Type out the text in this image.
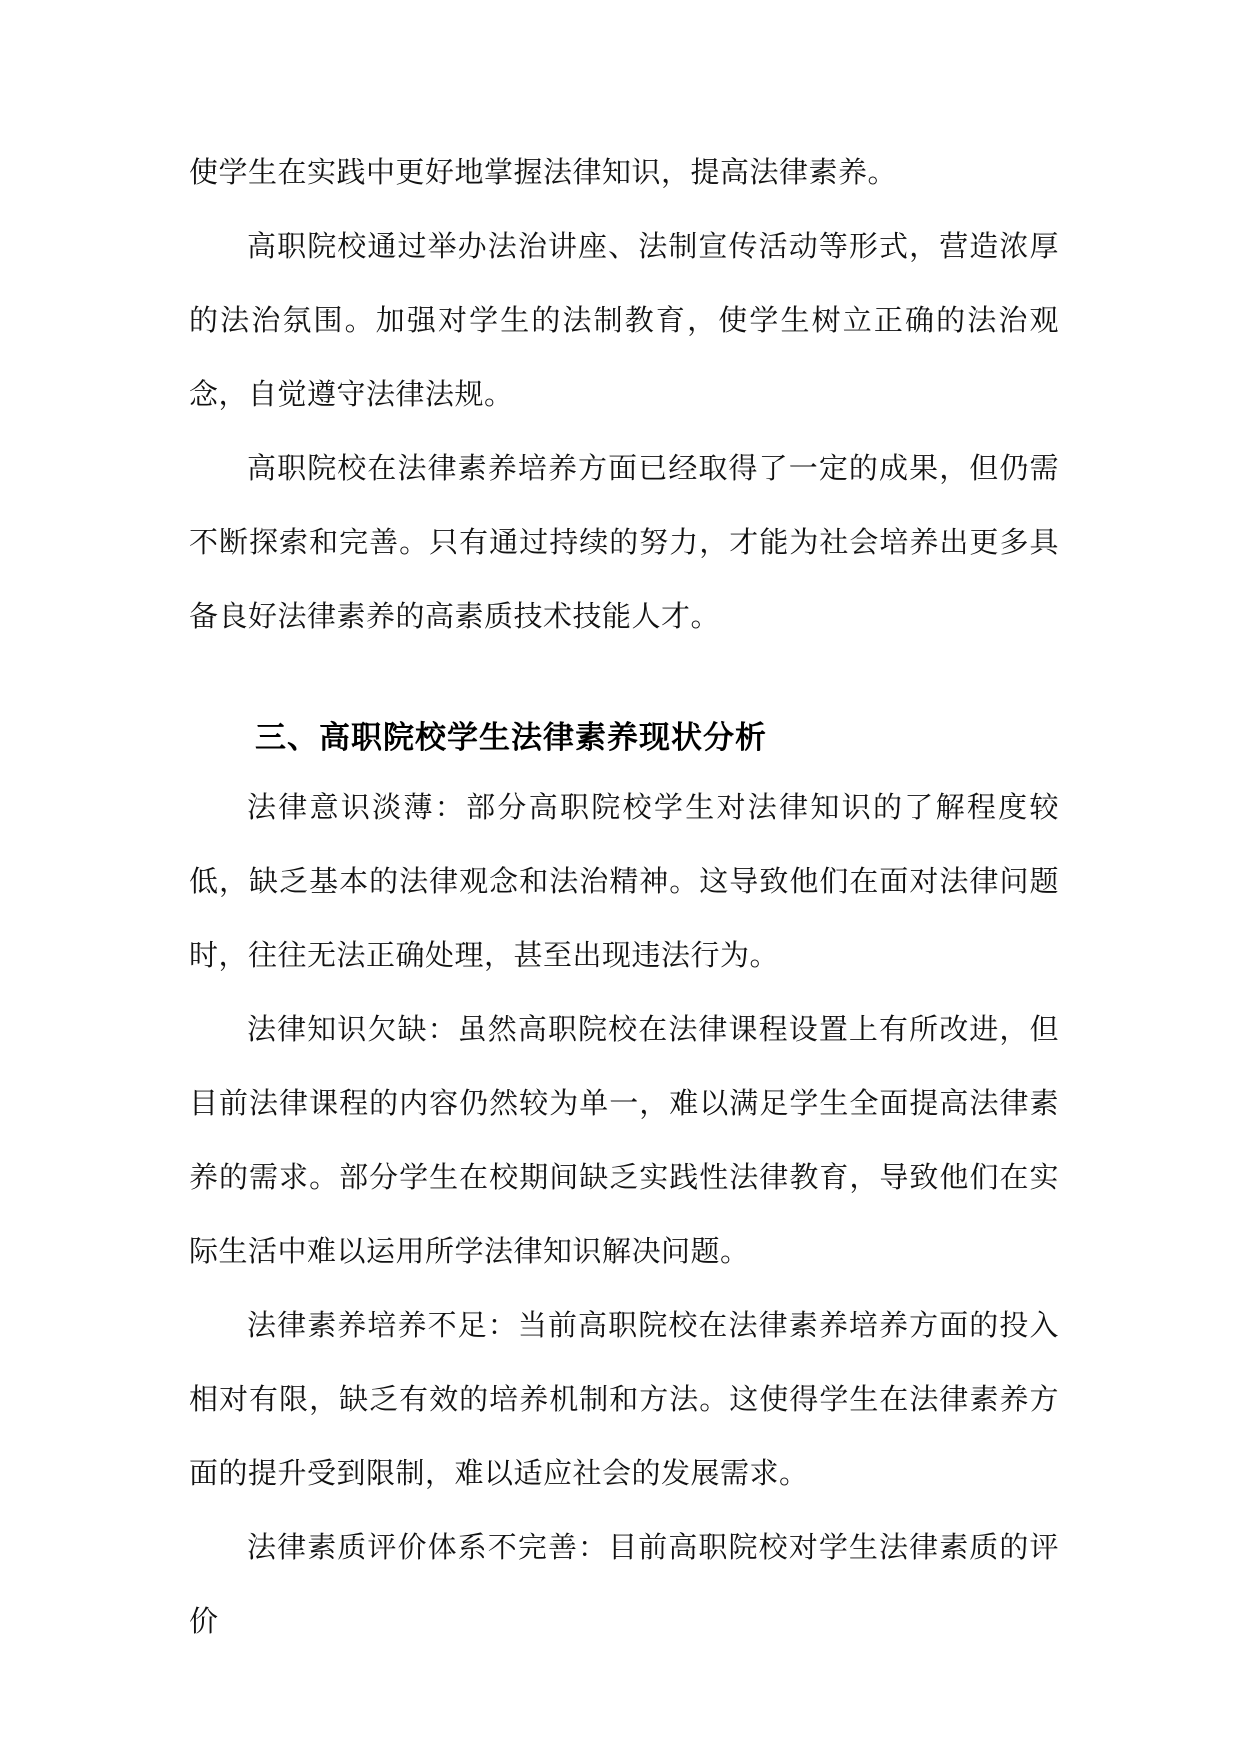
使学生在实践中更好地掌握法律知识，提高法律素养。

高职院校通过举办法治讲座、法制宣传活动等形式，营造浓厚的法治氛围。加强对学生的法制教育，使学生树立正确的法治观念，自觉遵守法律法规。

高职院校在法律素养培养方面已经取得了一定的成果，但仍需不断探索和完善。只有通过持续的努力，才能为社会培养出更多具备良好法律素养的高素质技术技能人才。

三、高职院校学生法律素养现状分析

法律意识淡薄：部分高职院校学生对法律知识的了解程度较低，缺乏基本的法律观念和法治精神。这导致他们在面对法律问题时，往往无法正确处理，甚至出现违法行为。

法律知识欠缺：虽然高职院校在法律课程设置上有所改进，但目前法律课程的内容仍然较为单一，难以满足学生全面提高法律素养的需求。部分学生在校期间缺乏实践性法律教育，导致他们在实际生活中难以运用所学法律知识解决问题。

法律素养培养不足：当前高职院校在法律素养培养方面的投入相对有限，缺乏有效的培养机制和方法。这使得学生在法律素养方面的提升受到限制，难以适应社会的发展需求。

法律素质评价体系不完善：目前高职院校对学生法律素质的评价
